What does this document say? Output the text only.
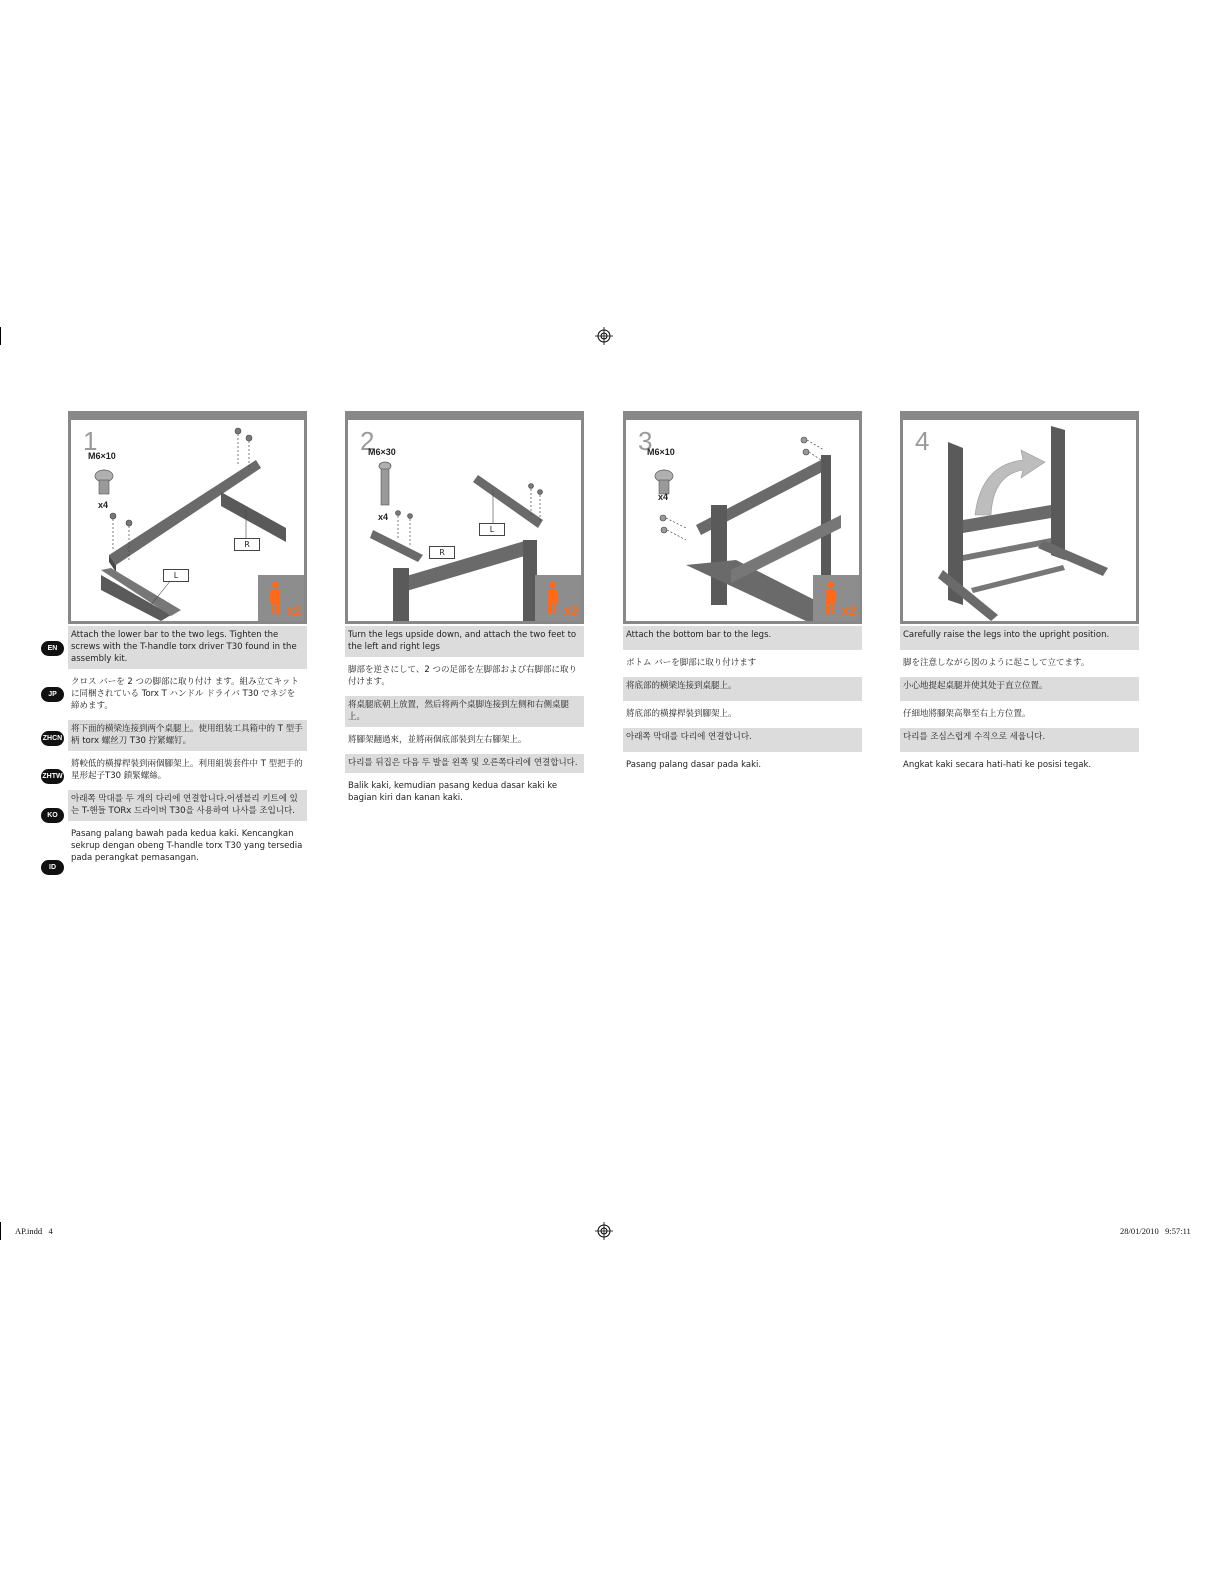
1
M6×10
x4
R
L
x2
Attach the lower bar to the two legs. Tighten the screws with the T-handle torx driver T30 found in the assembly kit.
クロス バーを 2 つの脚部に取り付け ます。組み立てキットに同梱されている Torx T ハンドル ドライバ T30 でネジを 締めます。
将下面的横梁连接到两个桌腿上。使用组装工具箱中的 T 型手柄 torx 螺丝刀 T30 拧紧螺钉。
將較低的橫撐桿裝到兩個腳架上。利用組裝套件中 T 型把手的星形起子T30 鎖緊螺絲。
아래쪽 막대를 두 개의 다리에 연결합니다.어셈블리 키트에 있는 T-핸들 TORx 드라이버 T30을 사용하여 나사를 조입니다.
Pasang palang bawah pada kedua kaki. Kencangkan sekrup dengan obeng T-handle torx T30 yang tersedia pada perangkat pemasangan.
EN
JP
ZHCN
ZHTW
KO
ID
2
M6×30
x4
L
R
x2
Turn the legs upside down, and attach the two feet to the left and right legs
脚部を逆さにして、2 つの足部を左脚部および右脚部に取り付けます。
将桌腿底朝上放置，然后将两个桌脚连接到左侧和右侧桌腿上。
將腳架翻過來，並將兩個底部裝到左右腳架上。
다리를 뒤집은 다음 두 발을 왼쪽 및 오른쪽다리에 연결합니다.
Balik kaki, kemudian pasang kedua dasar kaki ke bagian kiri dan kanan kaki.
3
M6×10
x4
x2
Attach the bottom bar to the legs.
ボトム バーを脚部に取り付けます
将底部的横梁连接到桌腿上。
將底部的橫撐桿裝到腳架上。
아래쪽 막대를 다리에 연결합니다.
Pasang palang dasar pada kaki.
4
Carefully raise the legs into the upright position.
脚を注意しながら図のように起こして立てます。
小心地提起桌腿并使其处于直立位置。
仔細地將腳架高舉至右上方位置。
다리를 조심스럽게 수직으로 세웁니다.
Angkat kaki secara hati-hati ke posisi tegak.
AP.indd   4	28/01/2010   9:57:11
